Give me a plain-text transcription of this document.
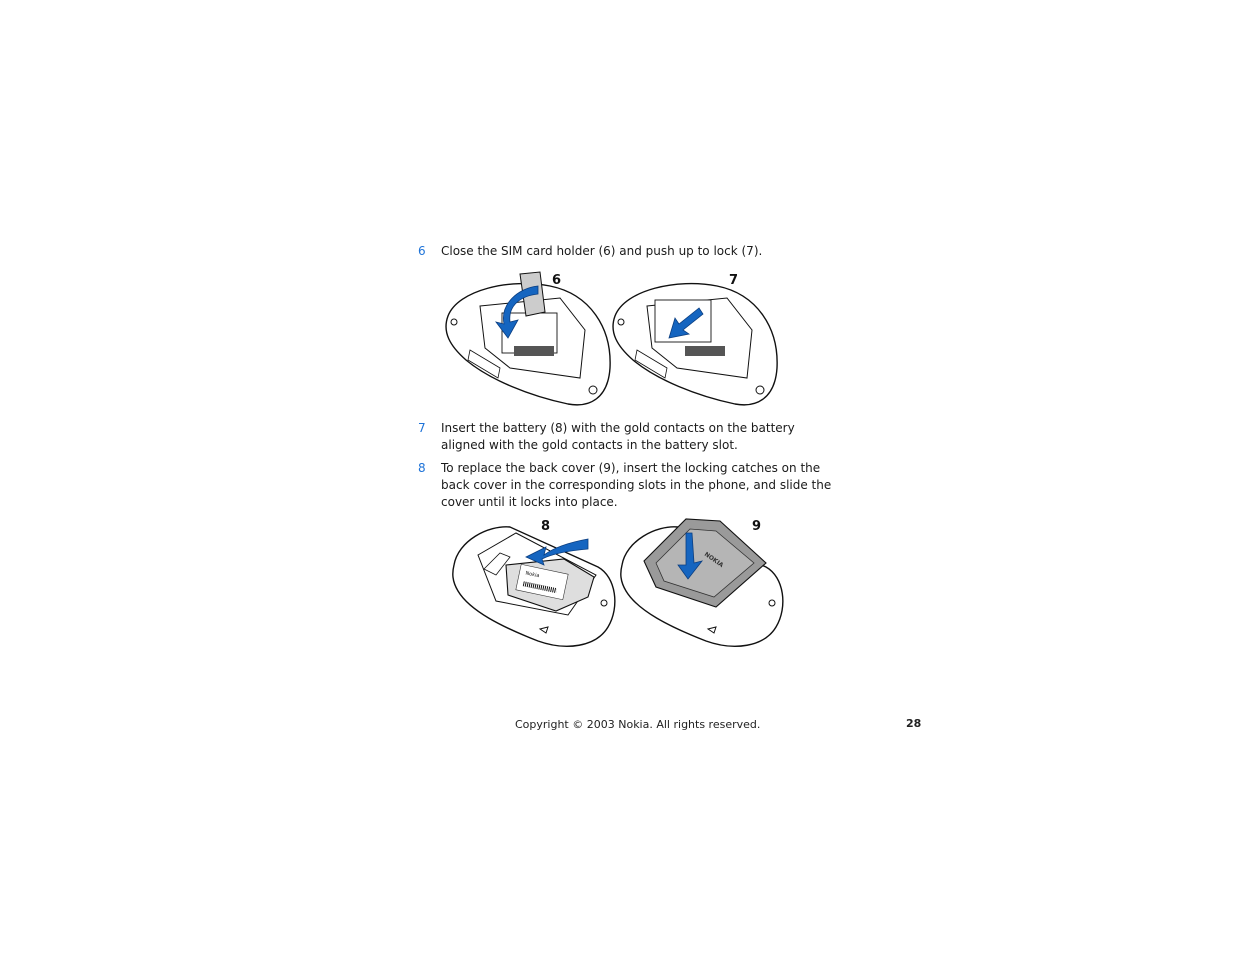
6 Close the SIM card holder (6) and push up to lock (7).
6	7
7 Insert the battery (8) with the gold contacts on the battery aligned with the gold contacts in the battery slot.
8 To replace the back cover (9), insert the locking catches on the back cover in the corresponding slots in the phone, and slide the cover until it locks into place.
Nokia
8
NOKIA
9
Copyright © 2003 Nokia. All rights reserved.	28
